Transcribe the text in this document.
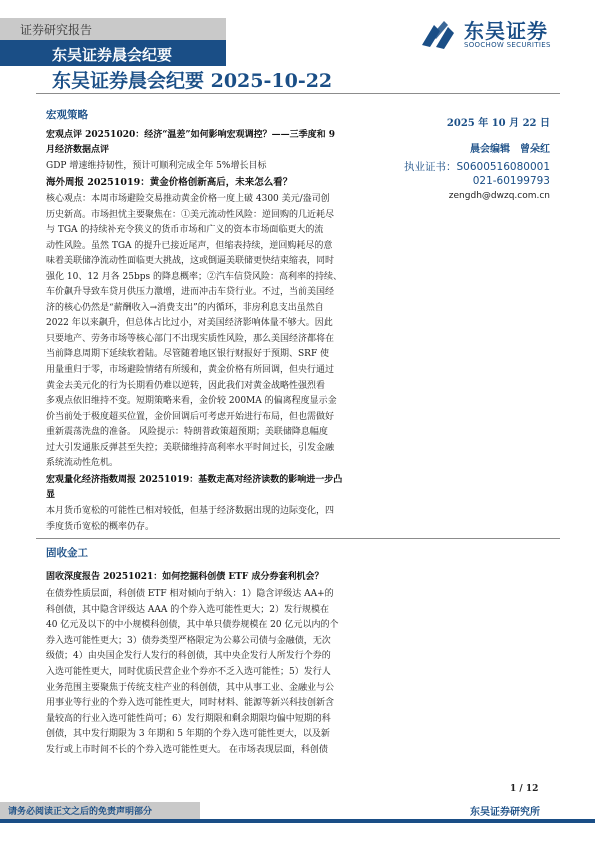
证券研究报告
东吴证券晨会纪要
东吴证券
SOOCHOW SECURITIES
东吴证券晨会纪要 2025-10-22
2025 年 10 月 22 日
晨会编辑　曾朵红
执业证书：S0600516080001
021-60199793
zengdh@dwzq.com.cn
宏观策略
宏观点评 20251020：经济“温差”如何影响宏观调控？——三季度和 9
月经济数据点评
GDP 增速维持韧性，预计可顺利完成全年 5%增长目标
海外周报 20251019：黄金价格创新高后，未来怎么看？
核心观点：本周市场避险交易推动黄金价格一度上破 4300 美元/盎司创
历史新高。市场担忧主要聚焦在：①美元流动性风险：逆回购的几近耗尽
与 TGA 的持续补充令狭义的货币市场和广义的资本市场面临更大的流
动性风险。虽然 TGA 的提升已接近尾声，但缩表持续，逆回购耗尽的意
味着美联储净流动性面临更大挑战，这或倒逼美联储更快结束缩表，同时
强化 10、12 月各 25bps 的降息概率；②汽车信贷风险：高利率的持续、
车价飙升导致车贷月供压力激增，进而冲击车贷行业。不过，当前美国经
济的核心仍然是“薪酬收入→消费支出”的内循环，非房利息支出虽然自
2022 年以来飙升，但总体占比过小，对美国经济影响体量不够大。因此
只要地产、劳务市场等核心部门不出现实质性风险，那么美国经济都将在
当前降息周期下延续软着陆。尽管随着地区银行财报好于预期、SRF 使
用量重归于零，市场避险情绪有所缓和，黄金价格有所回调，但央行通过
黄金去美元化的行为长期看仍难以逆转，因此我们对黄金战略性强烈看
多观点依旧维持不变。短期策略来看，金价较 200MA 的偏离程度显示金
价当前处于极度超买位置，金价回调后可考虑开始进行布局，但也需做好
重新震荡洗盘的准备。 风险提示：特朗普政策超预期；美联储降息幅度
过大引发通胀反弹甚至失控；美联储维持高利率水平时间过长，引发金融
系统流动性危机。
宏观量化经济指数周报 20251019：基数走高对经济读数的影响进一步凸
显
本月货币宽松的可能性已相对较低，但基于经济数据出现的边际变化，四
季度货币宽松的概率仍存。
固收金工
固收深度报告 20251021：如何挖掘科创债 ETF 成分券套利机会？
在债券性质层面，科创债 ETF 相对倾向于纳入：1）隐含评级达 AA+的
科创债，其中隐含评级达 AAA 的个券入选可能性更大；2）发行规模在
40 亿元及以下的中小规模科创债，其中单只债券规模在 20 亿元以内的个
券入选可能性更大；3）债券类型严格限定为公募公司债与金融债，无次
级债；4）由央国企发行人发行的科创债，其中央企发行人所发行个券的
入选可能性更大，同时优质民营企业个券亦不乏入选可能性；5）发行人
业务范围主要聚焦于传统支柱产业的科创债，其中从事工业、金融业与公
用事业等行业的个券入选可能性更大，同时材料、能源等新兴科技创新含
量较高的行业入选可能性尚可；6）发行期限和剩余期限均偏中短期的科
创债，其中发行期限为 3 年期和 5 年期的个券入选可能性更大，以及新
发行或上市时间不长的个券入选可能性更大。 在市场表现层面，科创债
1 / 12
请务必阅读正文之后的免责声明部分	东吴证券研究所
